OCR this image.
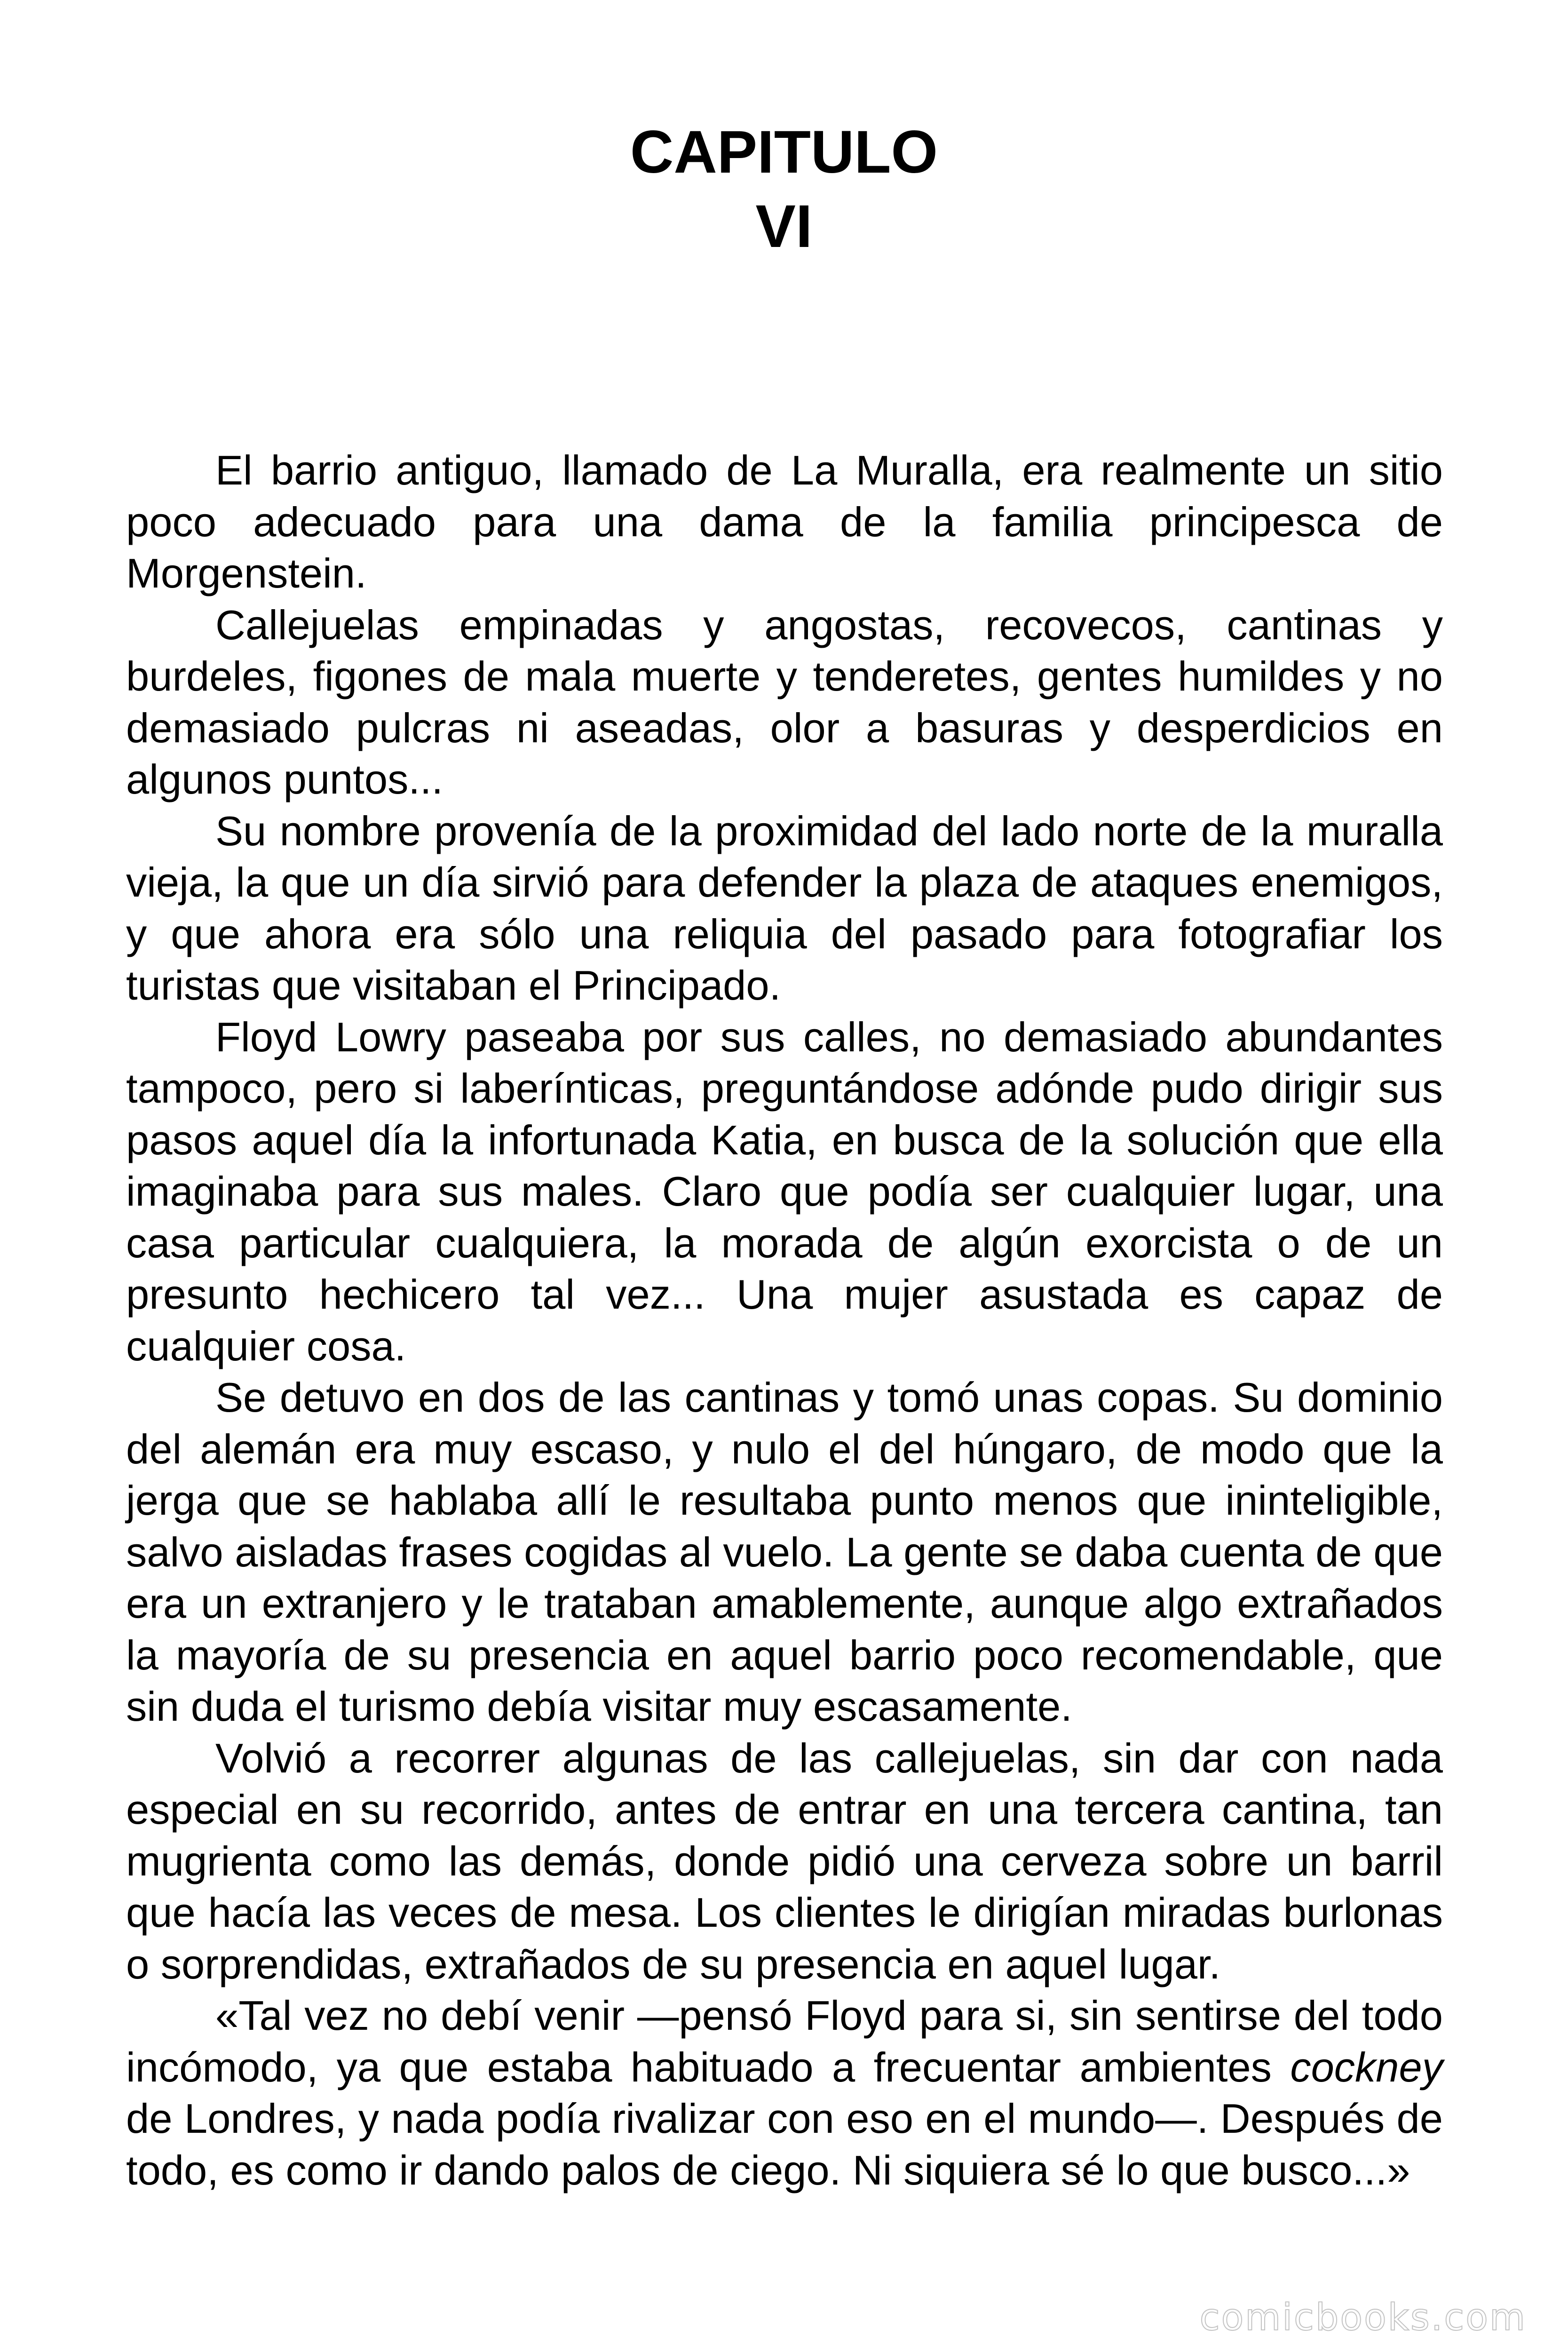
CAPITULO
VI

El barrio antiguo, llamado de La Muralla, era realmente un sitio poco adecuado para una dama de la familia principesca de Morgenstein.

Callejuelas empinadas y angostas, recovecos, cantinas y burdeles, figones de mala muerte y tenderetes, gentes humildes y no demasiado pulcras ni aseadas, olor a basuras y desperdicios en algunos puntos...

Su nombre provenía de la proximidad del lado norte de la muralla vieja, la que un día sirvió para defender la plaza de ataques enemigos, y que ahora era sólo una reliquia del pasado para fotografiar los turistas que visitaban el Principado.

Floyd Lowry paseaba por sus calles, no demasiado abundantes tampoco, pero si laberínticas, preguntándose adónde pudo dirigir sus pasos aquel día la infortunada Katia, en busca de la solución que ella imaginaba para sus males. Claro que podía ser cualquier lugar, una casa particular cualquiera, la morada de algún exorcista o de un presunto hechicero tal vez... Una mujer asustada es capaz de cualquier cosa.

Se detuvo en dos de las cantinas y tomó unas copas. Su dominio del alemán era muy escaso, y nulo el del húngaro, de modo que la jerga que se hablaba allí le resultaba punto menos que ininteligible, salvo aisladas frases cogidas al vuelo. La gente se daba cuenta de que era un extranjero y le trataban amablemente, aunque algo extrañados la mayoría de su presencia en aquel barrio poco recomendable, que sin duda el turismo debía visitar muy escasamente.

Volvió a recorrer algunas de las callejuelas, sin dar con nada especial en su recorrido, antes de entrar en una tercera cantina, tan mugrienta como las demás, donde pidió una cerveza sobre un barril que hacía las veces de mesa. Los clientes le dirigían miradas burlonas o sorprendidas, extrañados de su presencia en aquel lugar.

«Tal vez no debí venir —pensó Floyd para si, sin sentirse del todo incómodo, ya que estaba habituado a frecuentar ambientes cockney de Londres, y nada podía rivalizar con eso en el mundo—. Después de todo, es como ir dando palos de ciego. Ni siquiera sé lo que busco...»

comicbooks.com
